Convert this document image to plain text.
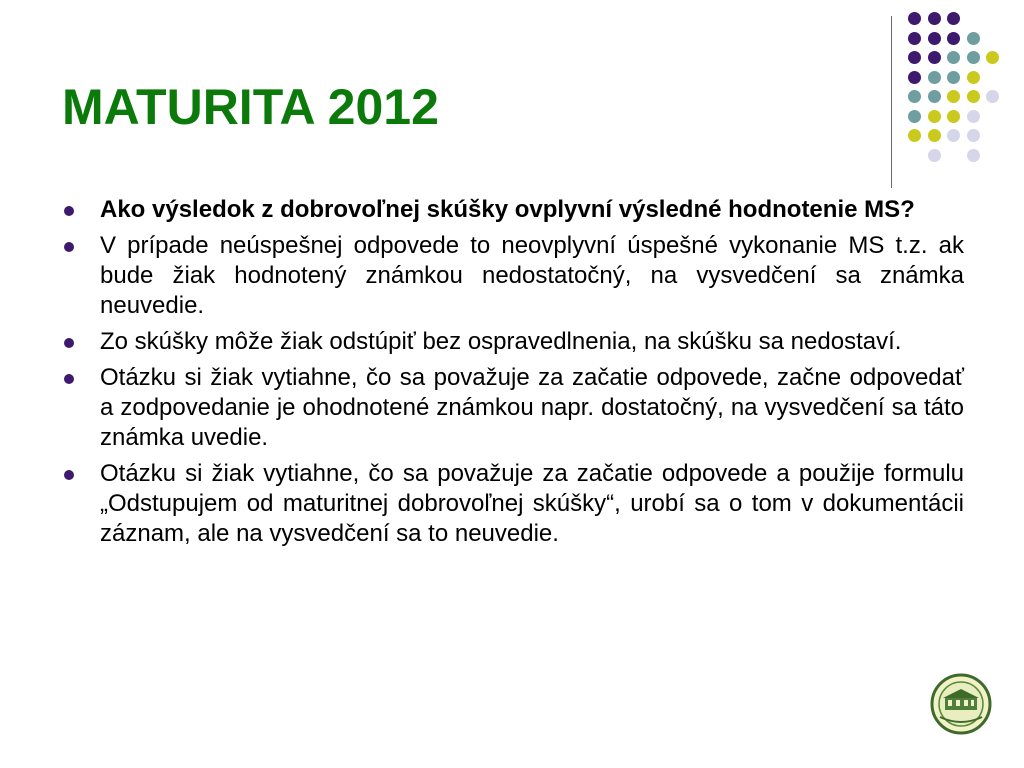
MATURITA 2012
Ako výsledok z dobrovoľnej skúšky ovplyvní výsledné hodnotenie MS?
V prípade neúspešnej odpovede to neovplyvní úspešné vykonanie MS t.z. ak bude žiak hodnotený známkou nedostatočný, na vysvedčení sa známka neuvedie.
Zo skúšky môže žiak odstúpiť bez ospravedlnenia, na skúšku sa nedostaví.
Otázku si žiak vytiahne, čo sa považuje za začatie odpovede, začne odpovedať a zodpovedanie je ohodnotené známkou napr. dostatočný, na vysvedčení sa táto známka uvedie.
Otázku si žiak vytiahne, čo sa považuje za začatie odpovede a použije formulu „Odstupujem od maturitnej dobrovoľnej skúšky“, urobí sa o tom v dokumentácii záznam, ale na vysvedčení sa to neuvedie.
